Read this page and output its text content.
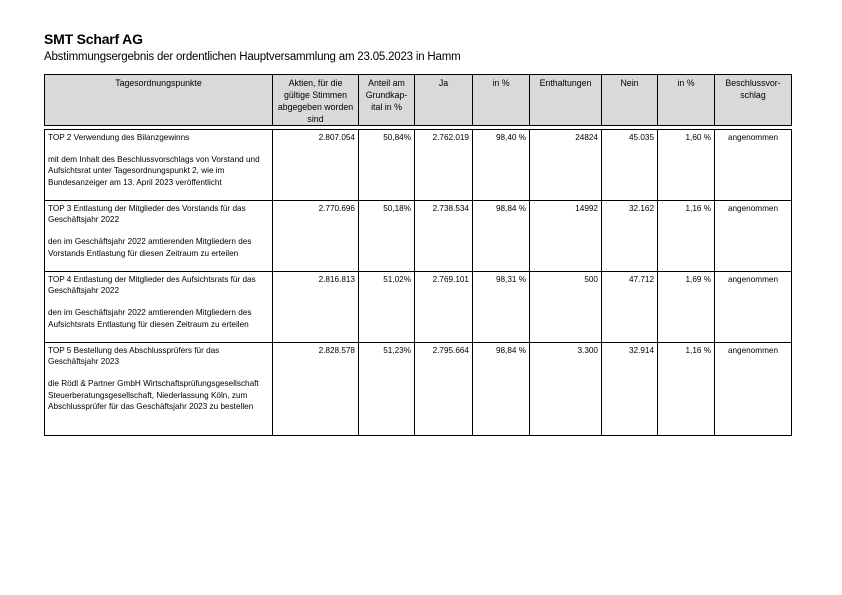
SMT Scharf AG
Abstimmungsergebnis der ordentlichen Hauptversammlung am 23.05.2023 in Hamm
Tagesordnungspunkte	Aktien, für die gültige Stimmen abgegeben worden sind	Anteil am Grundkap-ital in %	Ja	in %	Enthaltungen	Nein	in %	Beschlussvor-schlag

TOP 2 Verwendung des Bilanzgewinns
mit dem Inhalt des Beschlussvorschlags von Vorstand und Aufsichtsrat unter Tagesordnungspunkt 2, wie im Bundesanzeiger am 13. April 2023 veröffentlicht	2.807.054	50,84%	2.762.019	98,40 %	24824	45.035	1,60 %	angenommen

TOP 3 Entlastung der Mitglieder des Vorstands für das Geschäftsjahr 2022
den im Geschäftsjahr 2022 amtierenden Mitgliedern des Vorstands Entlastung für diesen Zeitraum zu erteilen	2.770.696	50,18%	2.738.534	98,84 %	14992	32.162	1,16 %	angenommen

TOP 4 Entlastung der Mitglieder des Aufsichtsrats für das Geschäftsjahr 2022
den im Geschäftsjahr 2022 amtierenden Mitgliedern des Aufsichtsrats Entlastung für diesen Zeitraum zu erteilen	2.816.813	51,02%	2.769.101	98,31 %	500	47.712	1,69 %	angenommen

TOP 5 Bestellung des Abschlussprüfers für das Geschäftsjahr 2023
die Rödl & Partner GmbH Wirtschaftsprüfungsgesellschaft Steuerberatungsgesellschaft, Niederlassung Köln, zum Abschlussprüfer für das Geschäftsjahr 2023 zu bestellen	2.828.578	51,23%	2.795.664	98,84 %	3.300	32.914	1,16 %	angenommen
